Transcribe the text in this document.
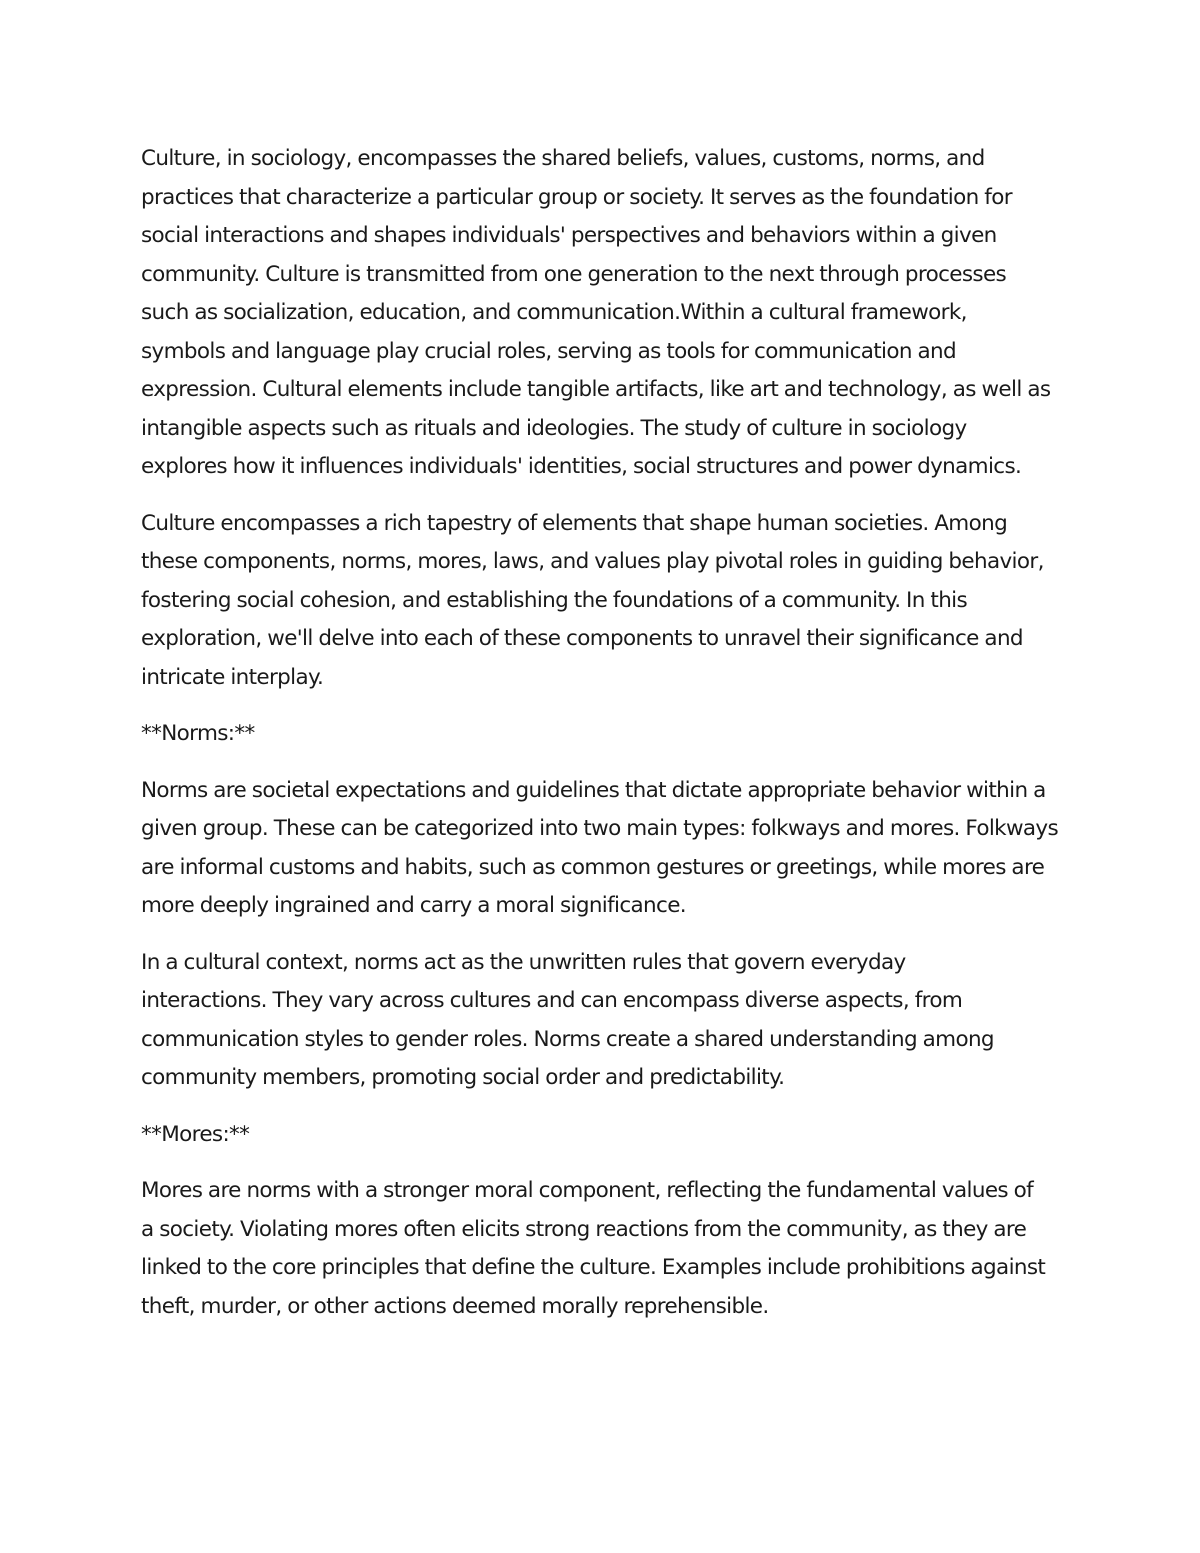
Culture, in sociology, encompasses the shared beliefs, values, customs, norms, and practices that characterize a particular group or society. It serves as the foundation for social interactions and shapes individuals' perspectives and behaviors within a given community. Culture is transmitted from one generation to the next through processes such as socialization, education, and communication.Within a cultural framework, symbols and language play crucial roles, serving as tools for communication and expression. Cultural elements include tangible artifacts, like art and technology, as well as intangible aspects such as rituals and ideologies. The study of culture in sociology explores how it influences individuals' identities, social structures and power dynamics.

Culture encompasses a rich tapestry of elements that shape human societies. Among these components, norms, mores, laws, and values play pivotal roles in guiding behavior, fostering social cohesion, and establishing the foundations of a community. In this exploration, we'll delve into each of these components to unravel their significance and intricate interplay.

**Norms:**

Norms are societal expectations and guidelines that dictate appropriate behavior within a given group. These can be categorized into two main types: folkways and mores. Folkways are informal customs and habits, such as common gestures or greetings, while mores are more deeply ingrained and carry a moral significance.

In a cultural context, norms act as the unwritten rules that govern everyday interactions. They vary across cultures and can encompass diverse aspects, from communication styles to gender roles. Norms create a shared understanding among community members, promoting social order and predictability.

**Mores:**

Mores are norms with a stronger moral component, reflecting the fundamental values of a society. Violating mores often elicits strong reactions from the community, as they are linked to the core principles that define the culture. Examples include prohibitions against theft, murder, or other actions deemed morally reprehensible.
